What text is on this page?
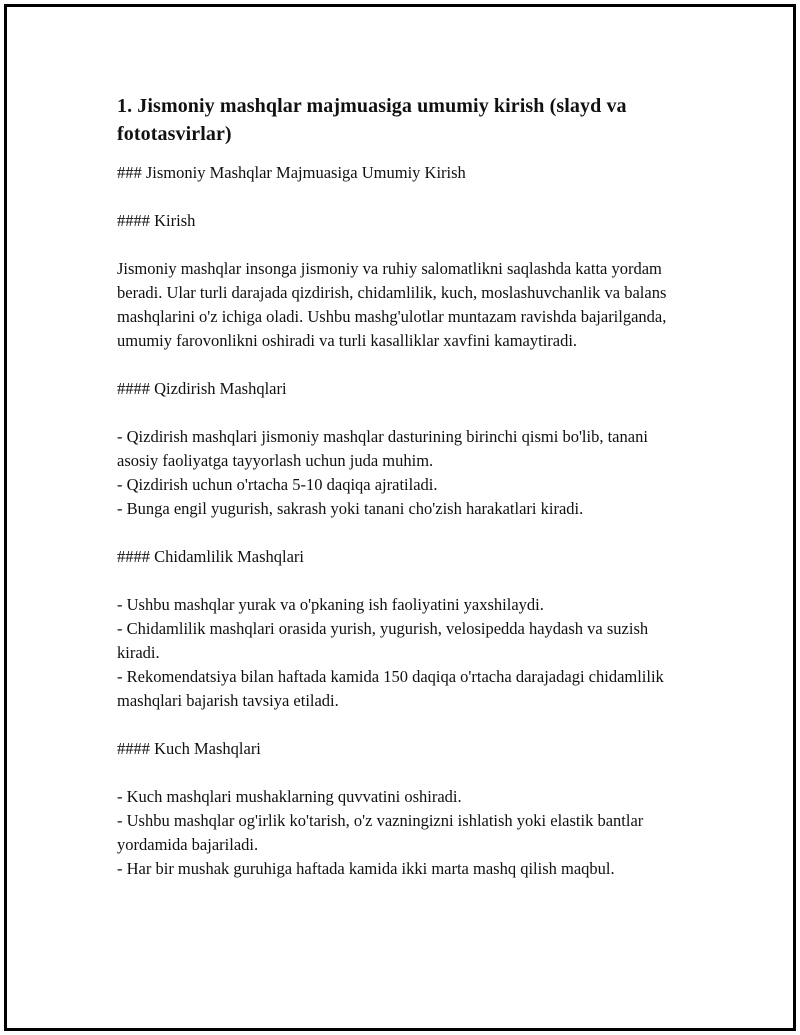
1. Jismoniy mashqlar majmuasiga umumiy kirish (slayd va fototasvirlar)

### Jismoniy Mashqlar Majmuasiga Umumiy Kirish

#### Kirish

Jismoniy mashqlar insonga jismoniy va ruhiy salomatlikni saqlashda katta yordam beradi. Ular turli darajada qizdirish, chidamlilik, kuch, moslashuvchanlik va balans mashqlarini o'z ichiga oladi. Ushbu mashg'ulotlar muntazam ravishda bajarilganda, umumiy farovonlikni oshiradi va turli kasalliklar xavfini kamaytiradi.

#### Qizdirish Mashqlari

- Qizdirish mashqlari jismoniy mashqlar dasturining birinchi qismi bo'lib, tanani asosiy faoliyatga tayyorlash uchun juda muhim.
- Qizdirish uchun o'rtacha 5-10 daqiqa ajratiladi.
- Bunga engil yugurish, sakrash yoki tanani cho'zish harakatlari kiradi.

#### Chidamlilik Mashqlari

- Ushbu mashqlar yurak va o'pkaning ish faoliyatini yaxshilaydi.
- Chidamlilik mashqlari orasida yurish, yugurish, velosipedda haydash va suzish kiradi.
- Rekomendatsiya bilan haftada kamida 150 daqiqa o'rtacha darajadagi chidamlilik mashqlari bajarish tavsiya etiladi.

#### Kuch Mashqlari

- Kuch mashqlari mushaklarning quvvatini oshiradi.
- Ushbu mashqlar og'irlik ko'tarish, o'z vazningizni ishlatish yoki elastik bantlar yordamida bajariladi.
- Har bir mushak guruhiga haftada kamida ikki marta mashq qilish maqbul.
